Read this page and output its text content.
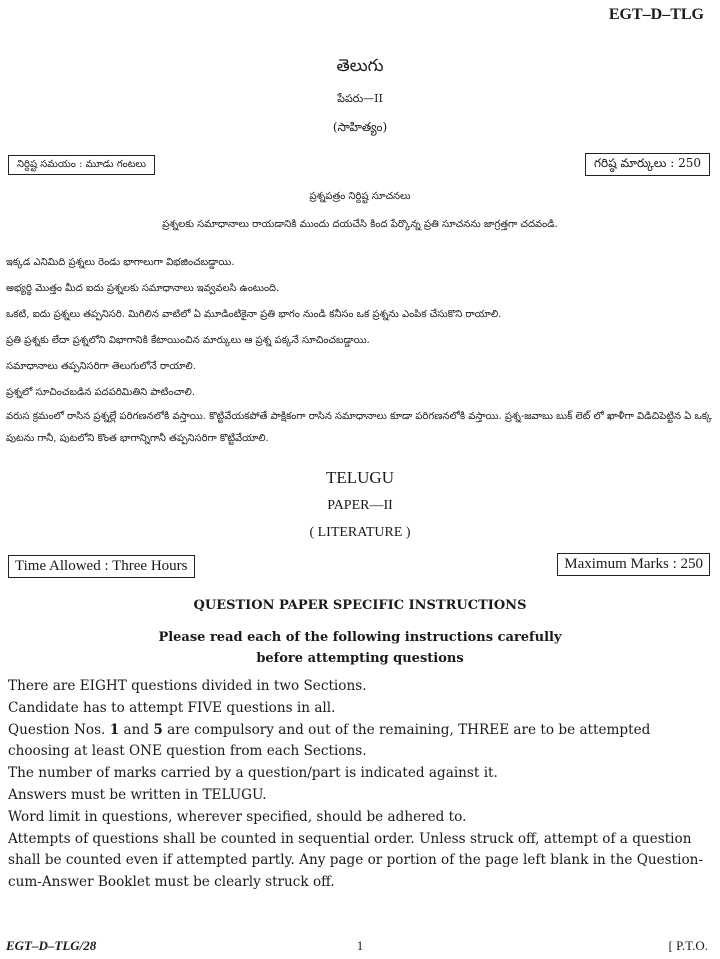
EGT–D–TLG
తెలుగు
పేపరు—II
(సాహిత్యం)
నిర్దిష్ట సమయం : మూడు గంటలు	గరిష్ఠ మార్కులు : 250
ప్రశ్నపత్రం నిర్దిష్ట సూచనలు
ప్రశ్నలకు సమాధానాలు రాయడానికి ముందు దయచేసి కింద పేర్కొన్న ప్రతి సూచనను జాగ్రత్తగా చదవండి.
ఇక్కడ ఎనిమిది ప్రశ్నలు రెండు భాగాలుగా విభజించబడ్డాయి.
అభ్యర్థి మొత్తం మీద ఐదు ప్రశ్నలకు సమాధానాలు ఇవ్వవలసి ఉంటుంది.
ఒకటి, ఐదు ప్రశ్నలు తప్పనిసరి. మిగిలిన వాటిలో ఏ మూడింటికైనా ప్రతి భాగం నుండి కనీసం ఒక ప్రశ్నను ఎంపిక చేసుకొని రాయాలి.
ప్రతి ప్రశ్నకు లేదా ప్రశ్నలోని విభాగానికి కేటాయించిన మార్కులు ఆ ప్రశ్న పక్కనే సూచించబడ్డాయి.
సమాధానాలు తప్పనిసరిగా తెలుగులోనే రాయాలి.
ప్రశ్నలో సూచించబడిన పదపరిమితిని పాటించాలి.
వరుస క్రమంలో రాసిన ప్రశ్నల్లే పరిగణనలోకి వస్తాయి. కొట్టివేయకపోతే పాక్షికంగా రాసిన సమాధానాలు కూడా పరిగణనలోకి వస్తాయి. ప్రశ్న-జవాబు బుక్ లెట్ లో ఖాళీగా విడిచిపెట్టిన ఏ ఒక్క పుటను గానీ, పుటలోని కొంత భాగాన్నిగానీ తప్పనిసరిగా కొట్టివేయాలి.
TELUGU
PAPER—II
( LITERATURE )
Time Allowed : Three Hours	Maximum Marks : 250
QUESTION PAPER SPECIFIC INSTRUCTIONS
Please read each of the following instructions carefully
before attempting questions
There are EIGHT questions divided in two Sections.
Candidate has to attempt FIVE questions in all.
Question Nos. 1 and 5 are compulsory and out of the remaining, THREE are to be attempted choosing at least ONE question from each Sections.
The number of marks carried by a question/part is indicated against it.
Answers must be written in TELUGU.
Word limit in questions, wherever specified, should be adhered to.
Attempts of questions shall be counted in sequential order. Unless struck off, attempt of a question shall be counted even if attempted partly. Any page or portion of the page left blank in the Question-cum-Answer Booklet must be clearly struck off.
EGT–D–TLG/28	1	[ P.T.O.
